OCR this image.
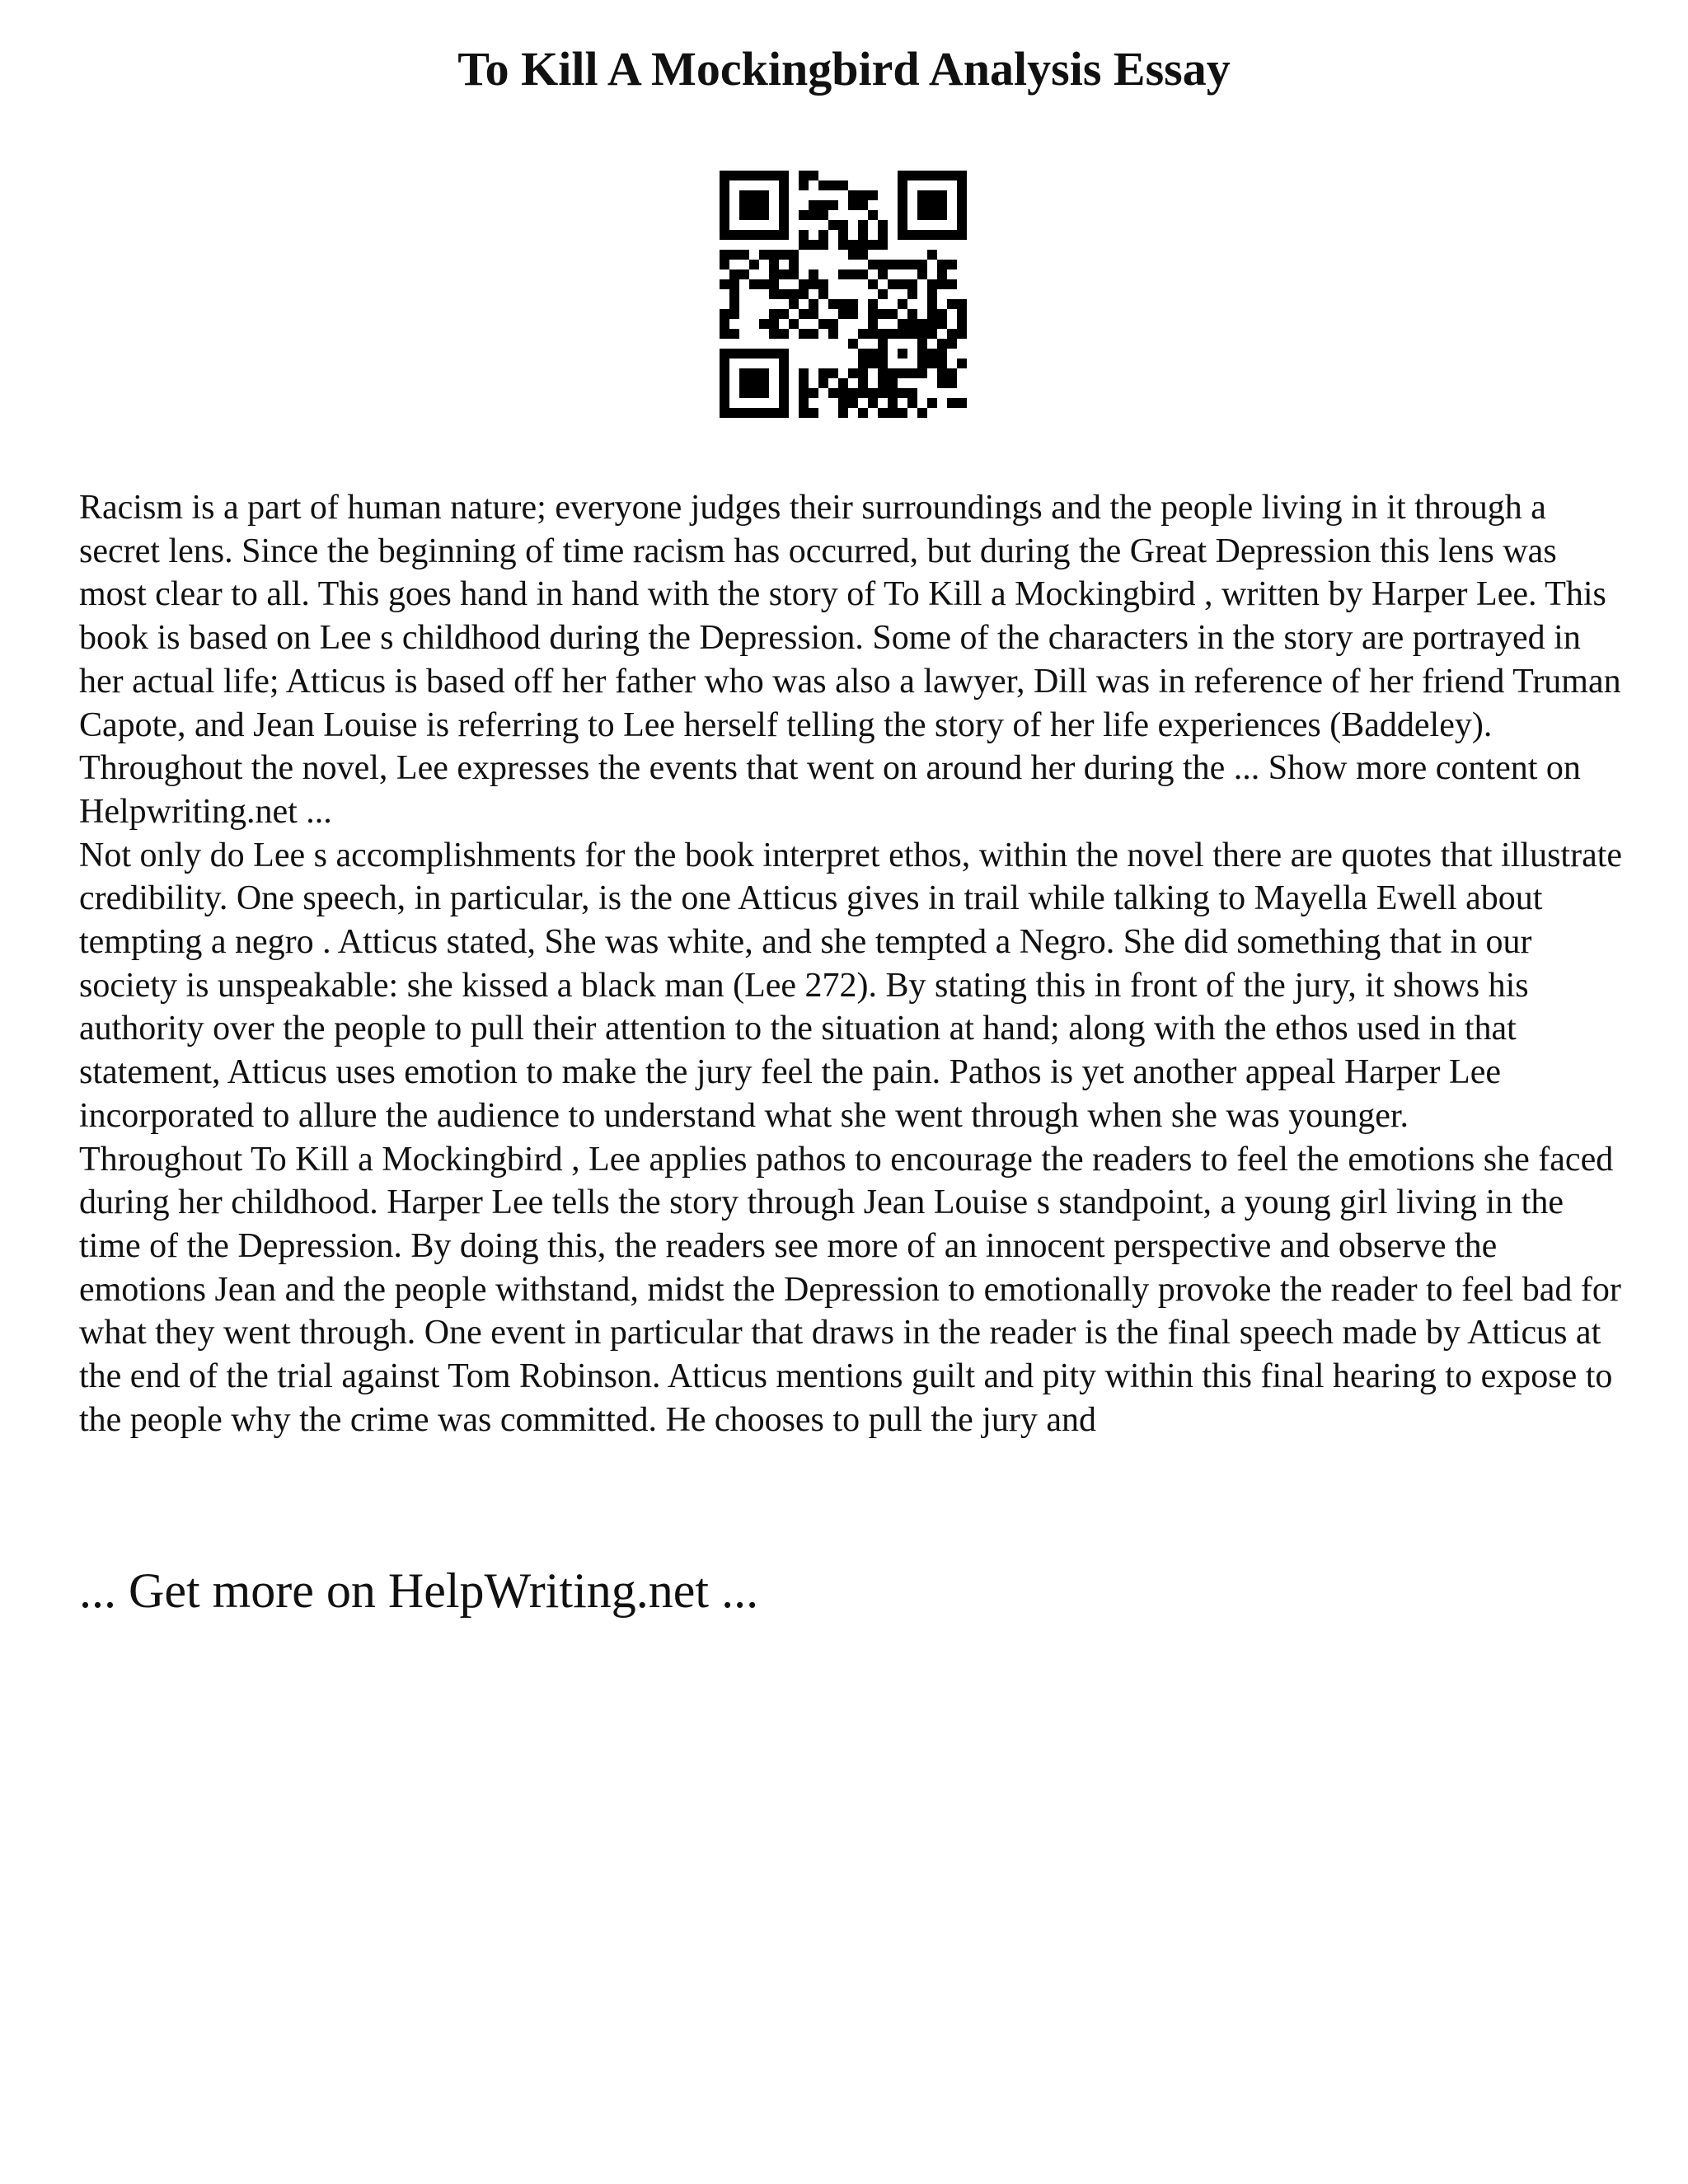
To Kill A Mockingbird Analysis Essay

Racism is a part of human nature; everyone judges their surroundings and the people living in it through a secret lens. Since the beginning of time racism has occurred, but during the Great Depression this lens was most clear to all. This goes hand in hand with the story of To Kill a Mockingbird , written by Harper Lee. This book is based on Lee s childhood during the Depression. Some of the characters in the story are portrayed in her actual life; Atticus is based off her father who was also a lawyer, Dill was in reference of her friend Truman Capote, and Jean Louise is referring to Lee herself telling the story of her life experiences (Baddeley). Throughout the novel, Lee expresses the events that went on around her during the ... Show more content on Helpwriting.net ...

Not only do Lee s accomplishments for the book interpret ethos, within the novel there are quotes that illustrate credibility. One speech, in particular, is the one Atticus gives in trail while talking to Mayella Ewell about tempting a negro . Atticus stated, She was white, and she tempted a Negro. She did something that in our society is unspeakable: she kissed a black man (Lee 272). By stating this in front of the jury, it shows his authority over the people to pull their attention to the situation at hand; along with the ethos used in that statement, Atticus uses emotion to make the jury feel the pain. Pathos is yet another appeal Harper Lee incorporated to allure the audience to understand what she went through when she was younger.

Throughout To Kill a Mockingbird , Lee applies pathos to encourage the readers to feel the emotions she faced during her childhood. Harper Lee tells the story through Jean Louise s standpoint, a young girl living in the time of the Depression. By doing this, the readers see more of an innocent perspective and observe the emotions Jean and the people withstand, midst the Depression to emotionally provoke the reader to feel bad for what they went through. One event in particular that draws in the reader is the final speech made by Atticus at the end of the trial against Tom Robinson. Atticus mentions guilt and pity within this final hearing to expose to the people why the crime was committed. He chooses to pull the jury and

... Get more on HelpWriting.net ...
